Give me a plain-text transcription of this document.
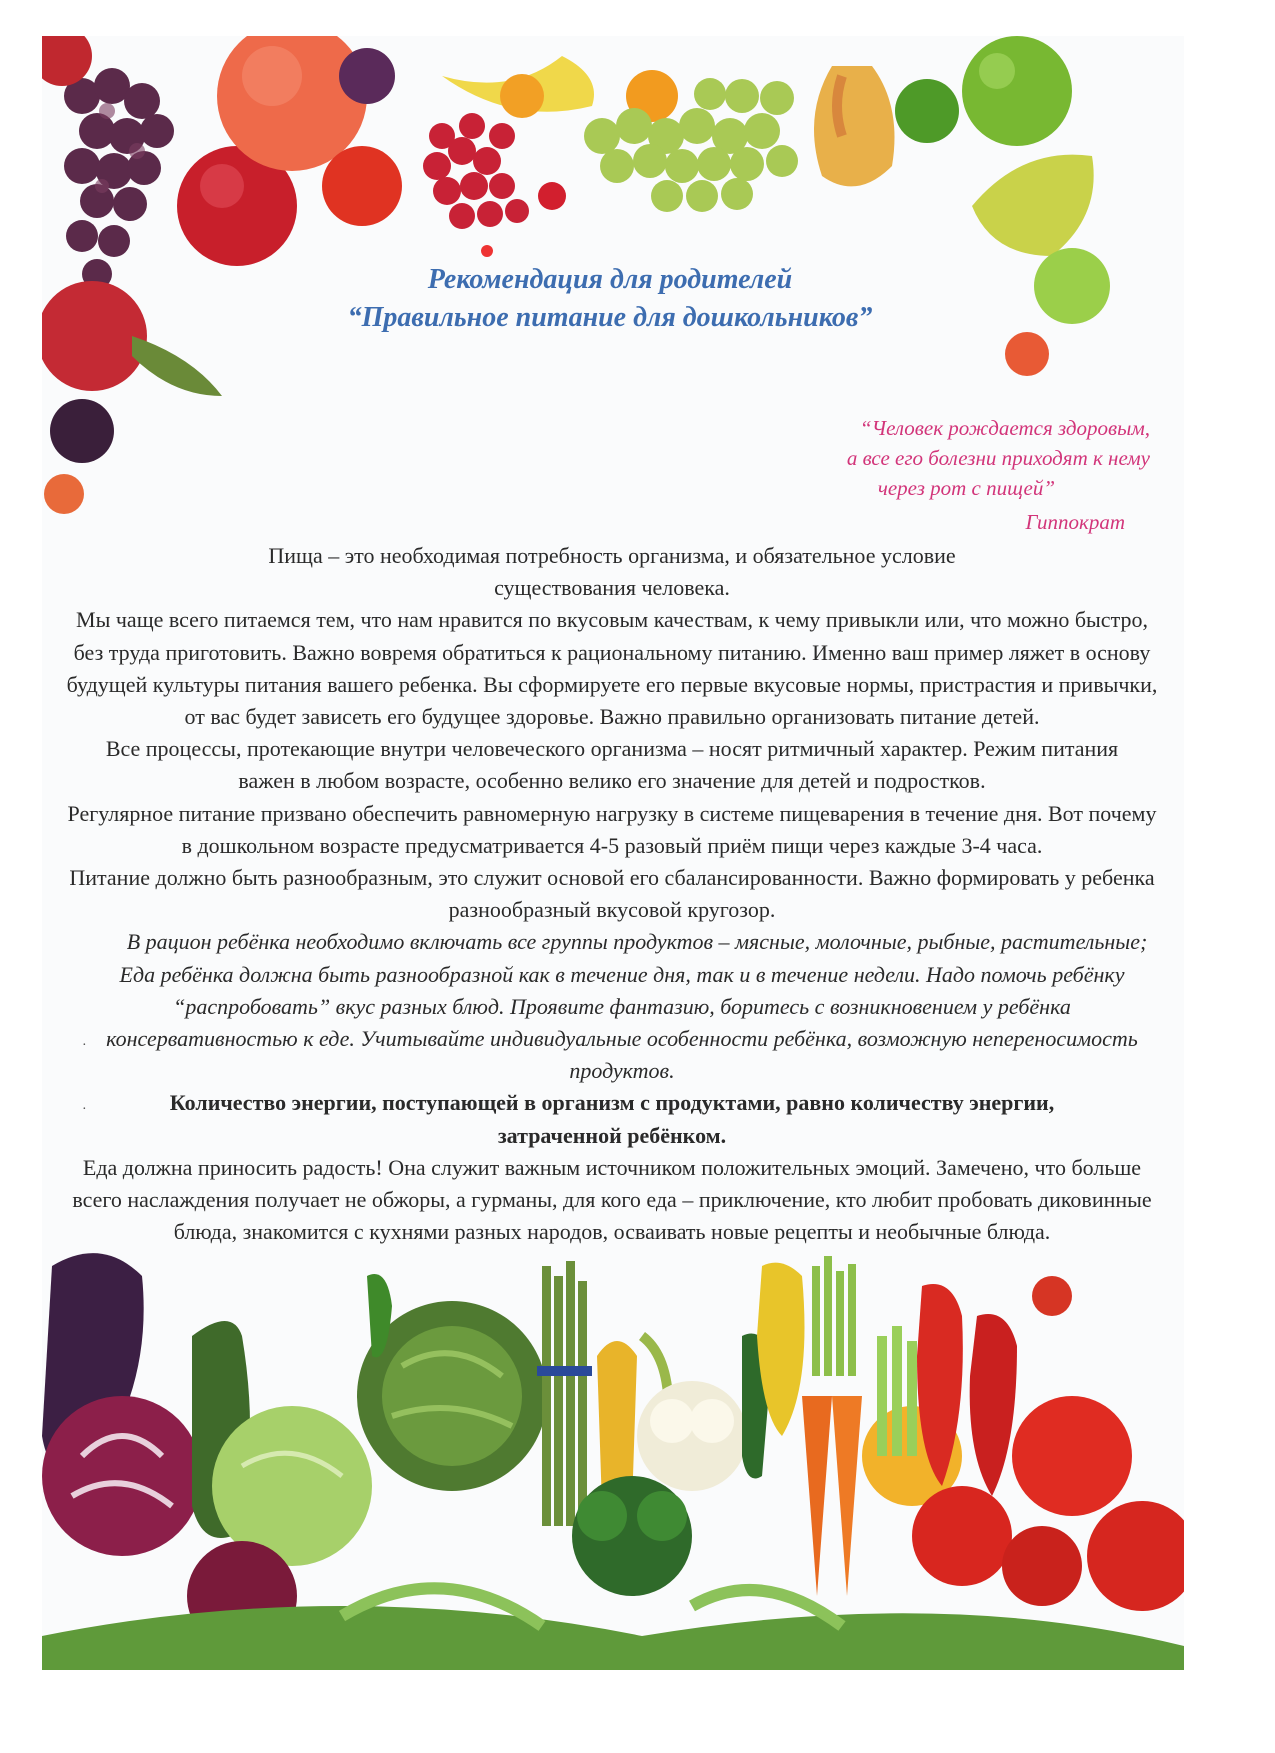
Рекомендация для родителей
“Правильное питание для дошкольников”
“Человек рождается здоровым,
а все его болезни приходят к нему
через рот с пищей”
Гиппократ

Пища – это необходимая потребность организма, и обязательное условие существования человека.

Мы чаще всего питаемся тем, что нам нравится по вкусовым качествам, к чему привыкли или, что можно быстро, без труда приготовить. Важно вовремя обратиться к рациональному питанию. Именно ваш пример ляжет в основу будущей культуры питания вашего ребенка. Вы сформируете его первые вкусовые нормы, пристрастия и привычки, от вас будет зависеть его будущее здоровье. Важно правильно организовать питание детей.

Все процессы, протекающие внутри человеческого организма – носят ритмичный характер. Режим питания важен в любом возрасте, особенно велико его значение для детей и подростков.

Регулярное питание призвано обеспечить равномерную нагрузку в системе пищеварения в течение дня. Вот почему в дошкольном возрасте предусматривается 4-5 разовый приём пищи через каждые 3-4 часа.

Питание должно быть разнообразным, это служит основой его сбалансированности. Важно формировать у ребенка разнообразный вкусовой кругозор.

В рацион ребёнка необходимо включать все группы продуктов – мясные, молочные, рыбные, растительные;

Еда ребёнка должна быть разнообразной как в течение дня, так и в течение недели. Надо помочь ребёнку “распробовать” вкус разных блюд. Проявите фантазию, боритесь с возникновением у ребёнка консервативностью к еде. Учитывайте индивидуальные особенности ребёнка, возможную непереносимость продуктов.

Количество энергии, поступающей в организм с продуктами, равно количеству энергии, затраченной ребёнком.

Еда должна приносить радость! Она служит важным источником положительных эмоций. Замечено, что больше всего наслаждения получает не обжоры, а гурманы, для кого еда – приключение, кто любит пробовать диковинные блюда, знакомится с кухнями разных народов, осваивать новые рецепты и необычные блюда.

·
·
